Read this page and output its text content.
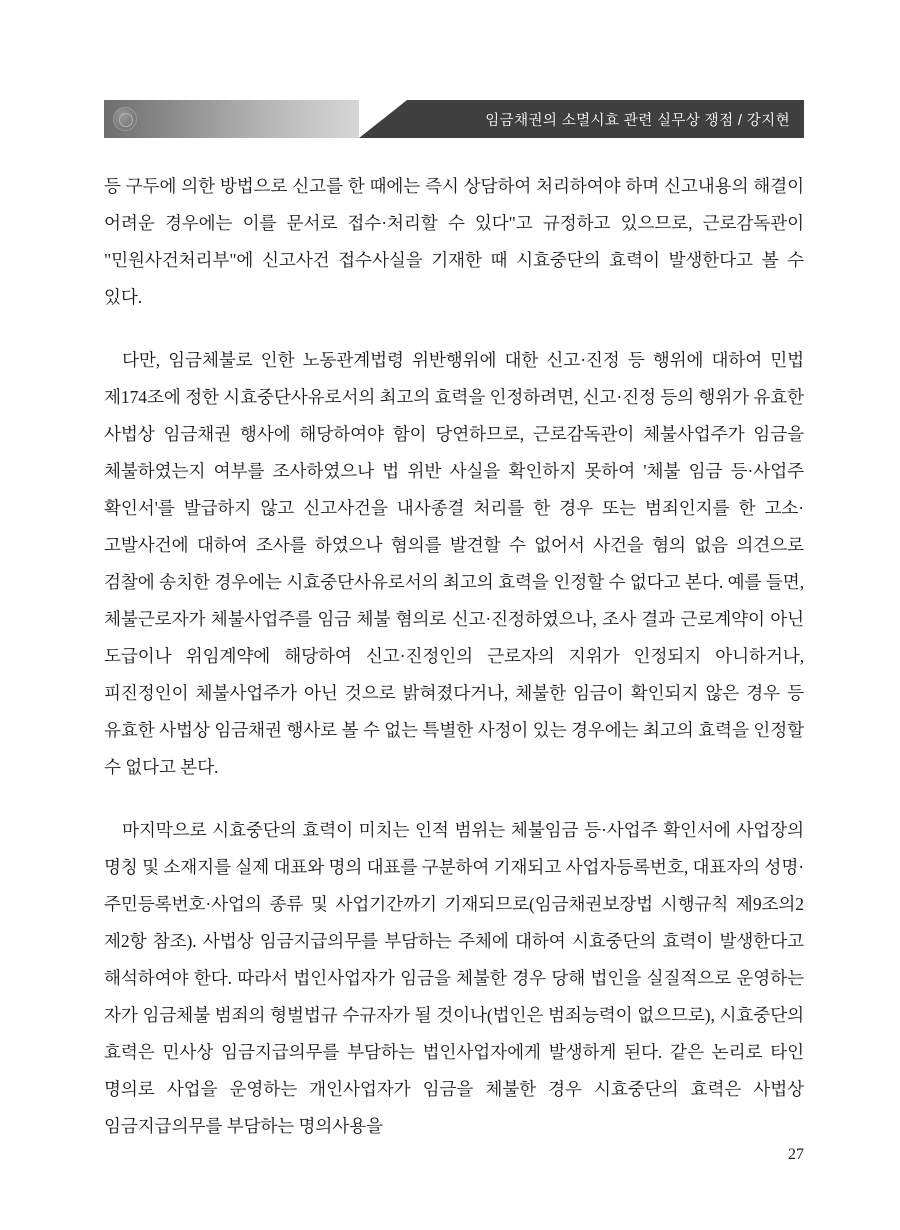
임금채권의 소멸시효 관련 실무상 쟁점 / 강지현

등 구두에 의한 방법으로 신고를 한 때에는 즉시 상담하여 처리하여야 하며 신고내용의 해결이 어려운 경우에는 이를 문서로 접수·처리할 수 있다"고 규정하고 있으므로, 근로감독관이 "민원사건처리부"에 신고사건 접수사실을 기재한 때 시효중단의 효력이 발생한다고 볼 수 있다.

다만, 임금체불로 인한 노동관계법령 위반행위에 대한 신고·진정 등 행위에 대하여 민법 제174조에 정한 시효중단사유로서의 최고의 효력을 인정하려면, 신고·진정 등의 행위가 유효한 사법상 임금채권 행사에 해당하여야 함이 당연하므로, 근로감독관이 체불사업주가 임금을 체불하였는지 여부를 조사하였으나 법 위반 사실을 확인하지 못하여 '체불 임금 등·사업주 확인서'를 발급하지 않고 신고사건을 내사종결 처리를 한 경우 또는 범죄인지를 한 고소·고발사건에 대하여 조사를 하였으나 혐의를 발견할 수 없어서 사건을 혐의 없음 의견으로 검찰에 송치한 경우에는 시효중단사유로서의 최고의 효력을 인정할 수 없다고 본다. 예를 들면, 체불근로자가 체불사업주를 임금 체불 혐의로 신고·진정하였으나, 조사 결과 근로계약이 아닌 도급이나 위임계약에 해당하여 신고·진정인의 근로자의 지위가 인정되지 아니하거나, 피진정인이 체불사업주가 아닌 것으로 밝혀졌다거나, 체불한 임금이 확인되지 않은 경우 등 유효한 사법상 임금채권 행사로 볼 수 없는 특별한 사정이 있는 경우에는 최고의 효력을 인정할 수 없다고 본다.

마지막으로 시효중단의 효력이 미치는 인적 범위는 체불임금 등·사업주 확인서에 사업장의 명칭 및 소재지를 실제 대표와 명의 대표를 구분하여 기재되고 사업자등록번호, 대표자의 성명·주민등록번호·사업의 종류 및 사업기간까기 기재되므로(임금채권보장법 시행규칙 제9조의2 제2항 참조). 사법상 임금지급의무를 부담하는 주체에 대하여 시효중단의 효력이 발생한다고 해석하여야 한다. 따라서 법인사업자가 임금을 체불한 경우 당해 법인을 실질적으로 운영하는 자가 임금체불 범죄의 형벌법규 수규자가 될 것이나(법인은 범죄능력이 없으므로), 시효중단의 효력은 민사상 임금지급의무를 부담하는 법인사업자에게 발생하게 된다. 같은 논리로 타인 명의로 사업을 운영하는 개인사업자가 임금을 체불한 경우 시효중단의 효력은 사법상 임금지급의무를 부담하는 명의사용을

27
